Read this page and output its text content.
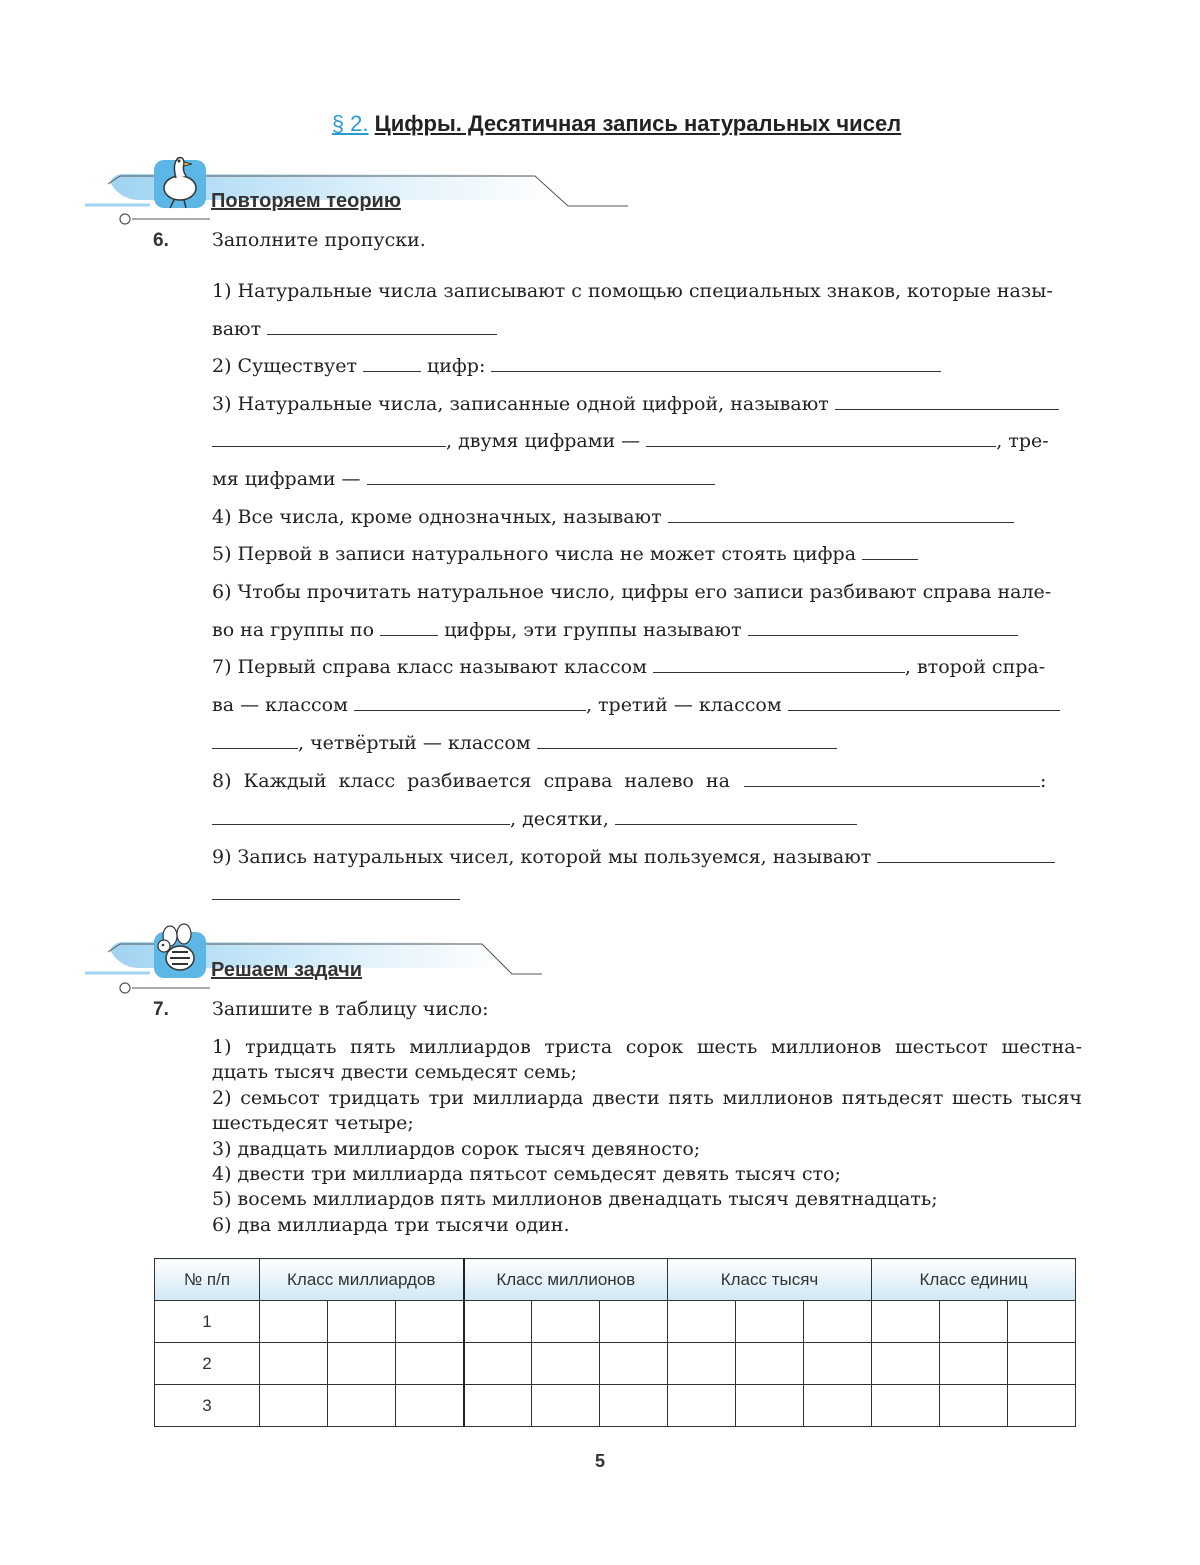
§ 2. Цифры. Десятичная запись натуральных чисел
Повторяем теорию
6. Заполните пропуски.
1) Натуральные числа записывают с помощью специальных знаков, которые назы-
вают
2) Существует	цифр:
3) Натуральные числа, записанные одной цифрой, называют
, двумя цифрами —	, тре-
мя цифрами —
4) Все числа, кроме однозначных, называют
5) Первой в записи натурального числа не может стоять цифра
6) Чтобы прочитать натуральное число, цифры его записи разбивают справа нале-
во на группы по	цифры, эти группы называют
7) Первый справа класс называют классом	, второй спра-
ва — классом	, третий — классом
, четвёртый — классом
8) Каждый класс разбивается справа налево на	:
, десятки,
9) Запись натуральных чисел, которой мы пользуемся, называют
Решаем задачи
7. Запишите в таблицу число:
1) тридцать пять миллиардов триста сорок шесть миллионов шестьсот шестна-
дцать тысяч двести семьдесят семь;
2) семьсот тридцать три миллиарда двести пять миллионов пятьдесят шесть тысяч
шестьдесят четыре;
3) двадцать миллиардов сорок тысяч девяносто;
4) двести три миллиарда пятьсот семьдесят девять тысяч сто;
5) восемь миллиардов пять миллионов двенадцать тысяч девятнадцать;
6) два миллиарда три тысячи один.
№ п/п	Класс миллиардов			Класс миллионов			Класс тысяч			Класс единиц		
1												
2												
3												
5
